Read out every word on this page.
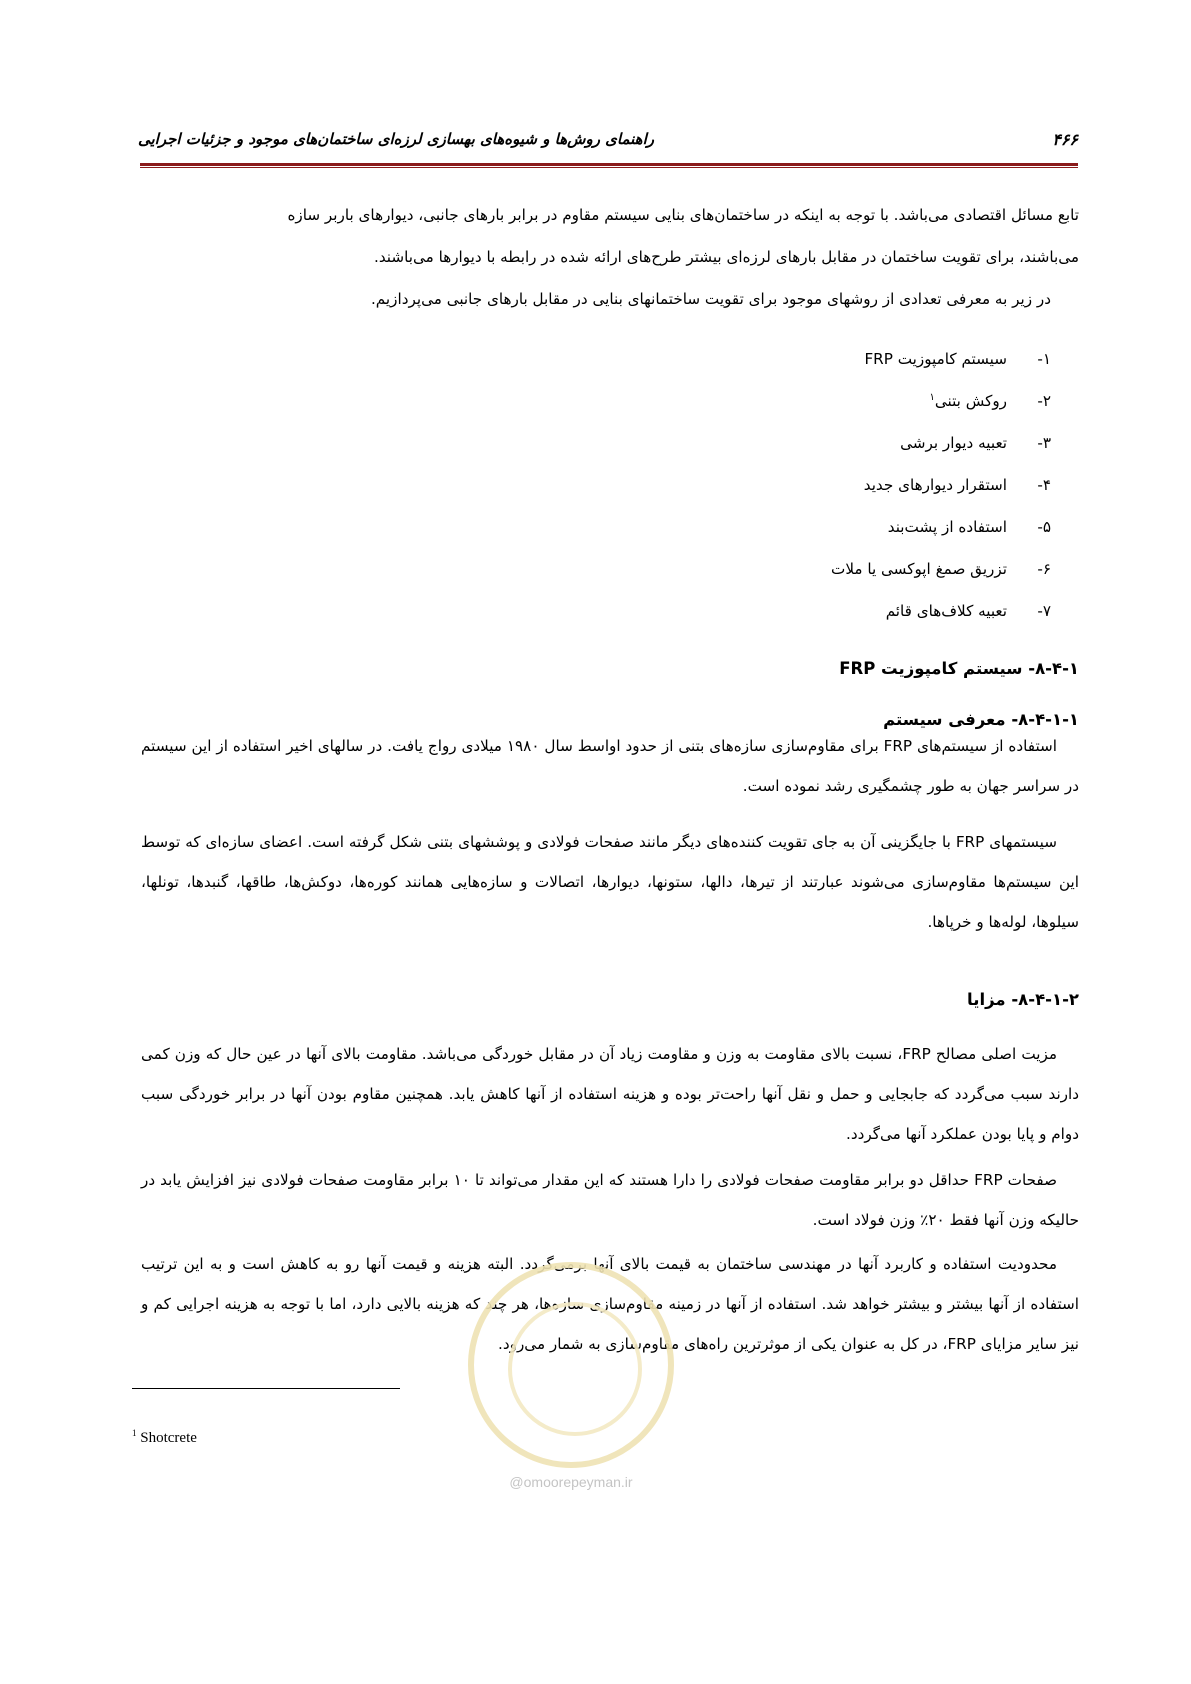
۴۶۶
راهنمای روش‌ها و شیوه‌های بهسازی لرزه‌ای ساختمان‌های موجود و جزئیات اجرایی
تابع مسائل اقتصادی می‌باشد. با توجه به اینکه در ساختمان‌های بنایی سیستم مقاوم در برابر بارهای جانبی، دیوارهای باربر سازه
می‌باشند، برای تقویت ساختمان در مقابل بارهای لرزه‌ای بیشتر طرح‌های ارائه شده در رابطه با دیوارها می‌باشند.
در زیر به معرفی تعدادی از روشهای موجود برای تقویت ساختمانهای بنایی در مقابل بارهای جانبی می‌پردازیم.
۱-سیستم کامپوزیت FRP
۲-روکش بتنی$^۱$
۳-تعبیه دیوار برشی
۴-استقرار دیوارهای جدید
۵-استفاده از پشت‌بند
۶-تزریق صمغ اپوکسی یا ملات
۷-تعبیه کلاف‌های قائم
۸-۴-۱- سیستم کامپوزیت FRP
۸-۴-۱-۱- معرفی سیستم
استفاده از سیستم‌های FRP برای مقاوم‌سازی سازه‌های بتنی از حدود اواسط سال ۱۹۸۰ میلادی رواج یافت. در سالهای اخیر استفاده از این سیستم در سراسر جهان به طور چشمگیری رشد نموده است.
سیستمهای FRP با جایگزینی آن به جای تقویت کننده‌های دیگر مانند صفحات فولادی و پوششهای بتنی شکل گرفته است. اعضای سازه‌ای که توسط این سیستم‌ها مقاوم‌سازی می‌شوند عبارتند از تیرها، دالها، ستونها، دیوارها، اتصالات و سازه‌هایی همانند کوره‌ها، دوکش‌ها، طاقها، گنبدها، تونلها، سیلوها، لوله‌ها و خرپاها.
۸-۴-۱-۲- مزایا
مزیت اصلی مصالح FRP، نسبت بالای مقاومت به وزن و مقاومت زیاد آن در مقابل خوردگی می‌باشد. مقاومت بالای آنها در عین حال که وزن کمی دارند سبب می‌گردد که جابجایی و حمل و نقل آنها راحت‌تر بوده و هزینه استفاده از آنها کاهش یابد. همچنین مقاوم بودن آنها در برابر خوردگی سبب دوام و پایا بودن عملکرد آنها می‌گردد.
صفحات FRP حداقل دو برابر مقاومت صفحات فولادی را دارا هستند که این مقدار می‌تواند تا ۱۰ برابر مقاومت صفحات فولادی نیز افزایش یابد در حالیکه وزن آنها فقط ۲۰٪ وزن فولاد است.
محدودیت استفاده و کاربرد آنها در مهندسی ساختمان به قیمت بالای آنها برمی‌گردد. البته هزینه و قیمت آنها رو به کاهش است و به این ترتیب استفاده از آنها بیشتر و بیشتر خواهد شد. استفاده از آنها در زمینه مقاوم‌سازی سازه‌ها، هر چند که هزینه بالایی دارد، اما با توجه به هزینه اجرایی کم و نیز سایر مزایای FRP، در کل به عنوان یکی از موثرترین راه‌های مقاوم‌سازی به شمار می‌رود.
@omoorepeyman.ir
$^1$ Shotcrete
